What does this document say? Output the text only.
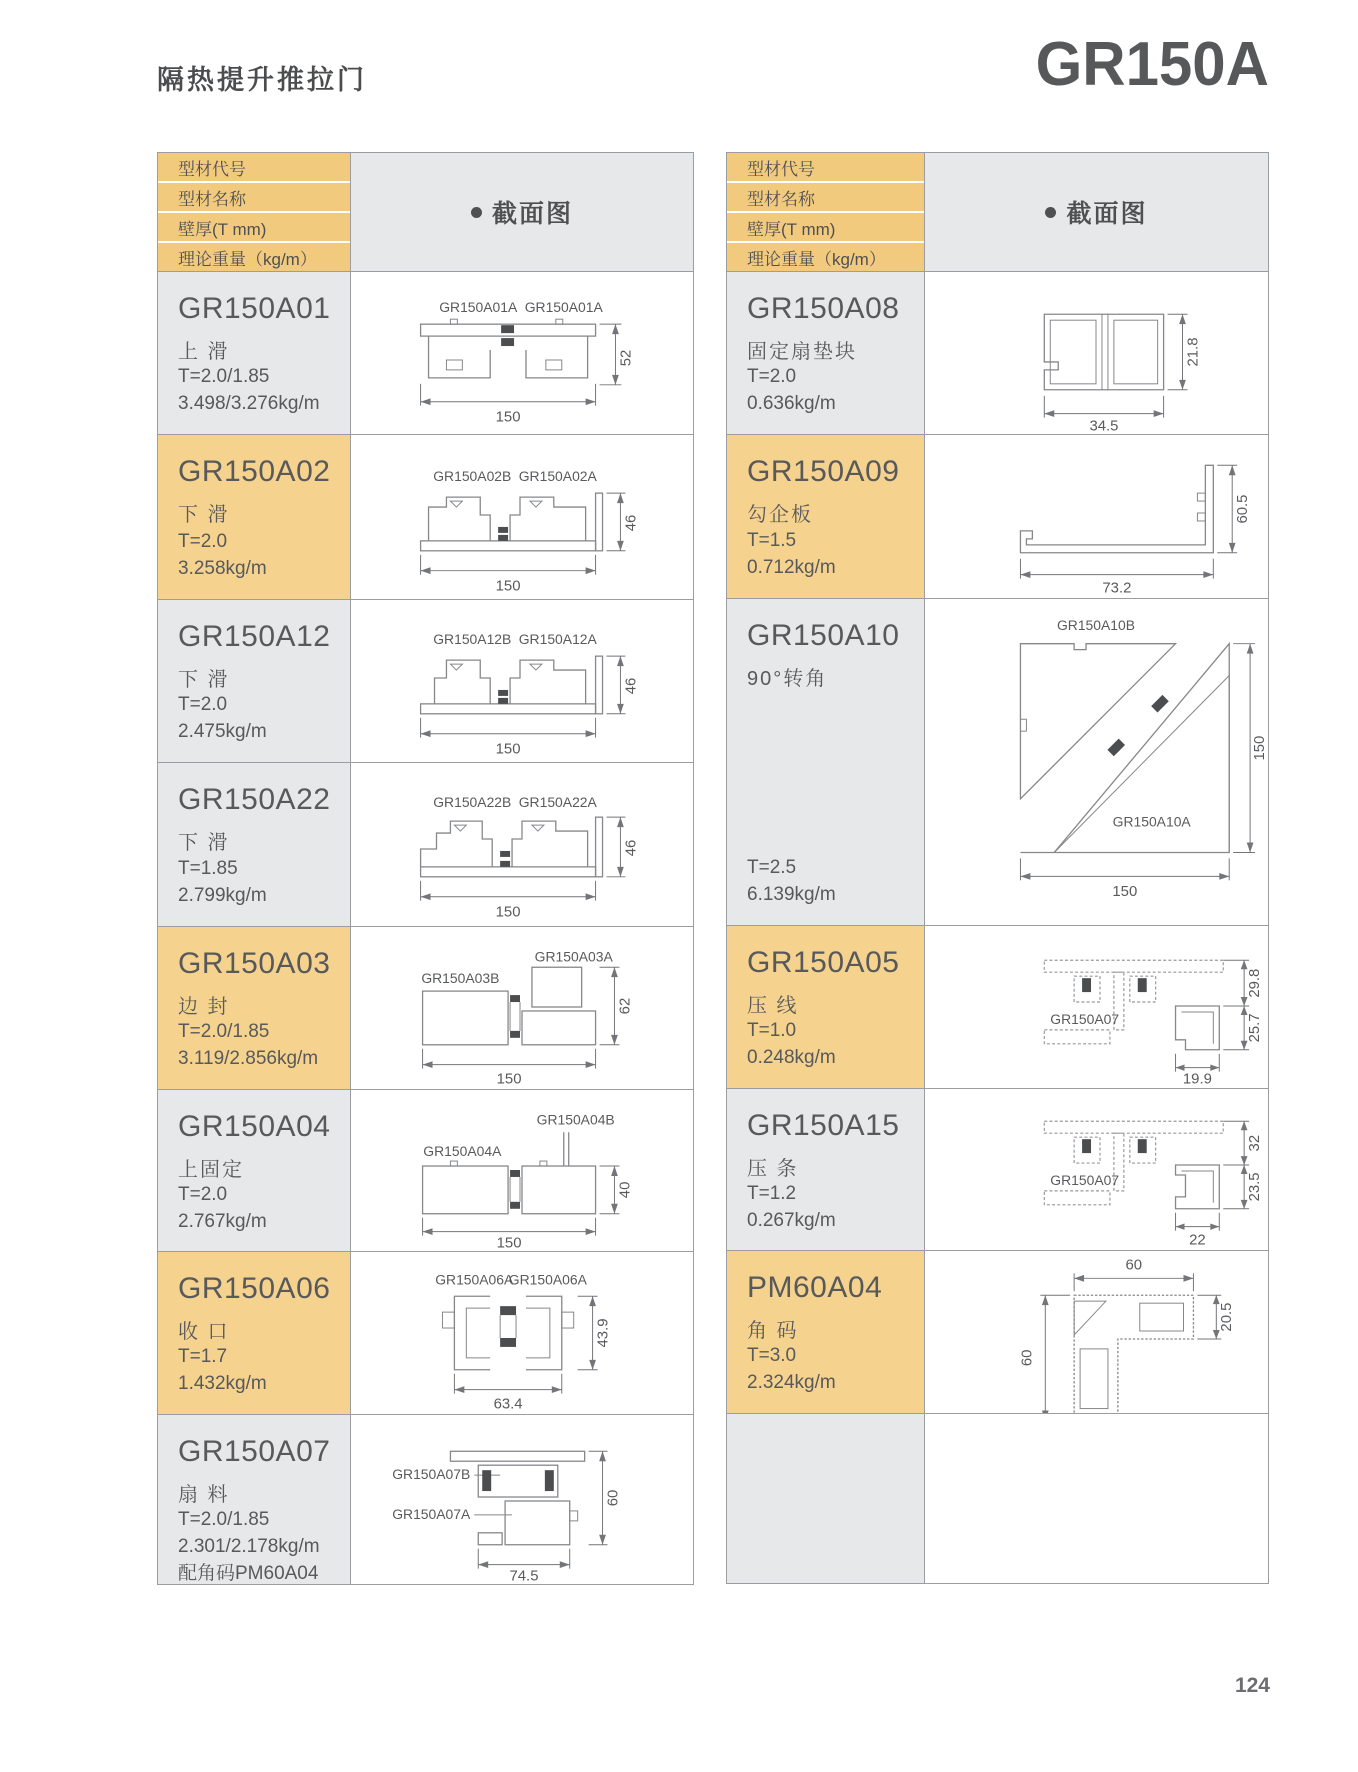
隔热提升推拉门	GR150A
型材代号
型材名称
壁厚(T mm)
理论重量（kg/m）
截面图
GR150A01
上 滑
T=2.0/1.85
3.498/3.276kg/m
GR150A01A GR150A01A
150
52
GR150A02
下 滑
T=2.0
3.258kg/m
GR150A02B GR150A02A
150
46
GR150A12
下 滑
T=2.0
2.475kg/m
GR150A12B GR150A12A
150
46
GR150A22
下 滑
T=1.85
2.799kg/m
GR150A22B GR150A22A
150
46
GR150A03
边 封
T=2.0/1.85
3.119/2.856kg/m
GR150A03A
GR150A03B
150
62
GR150A04
上固定
T=2.0
2.767kg/m
GR150A04B
GR150A04A
150
40
GR150A06
收 口
T=1.7
1.432kg/m
GR150A06A
GR150A06A
63.4
43.9
GR150A07
扇 料
T=2.0/1.85
2.301/2.178kg/m
配角码PM60A04
GR150A07B
GR150A07A
74.5
60
型材代号
型材名称
壁厚(T mm)
理论重量（kg/m）
截面图
GR150A08
固定扇垫块
T=2.0
0.636kg/m
21.8
34.5
GR150A09
勾企板
T=1.5
0.712kg/m
60.5
73.2
GR150A10
90°转角
T=2.5
6.139kg/m
GR150A10B
GR150A10A
150
150
GR150A05
压 线
T=1.0
0.248kg/m
GR150A07
29.8
25.7
19.9
GR150A15
压 条
T=1.2
0.267kg/m
GR150A07
32
23.5
22
PM60A04
角 码
T=3.0
2.324kg/m
60
60
20.5
124
